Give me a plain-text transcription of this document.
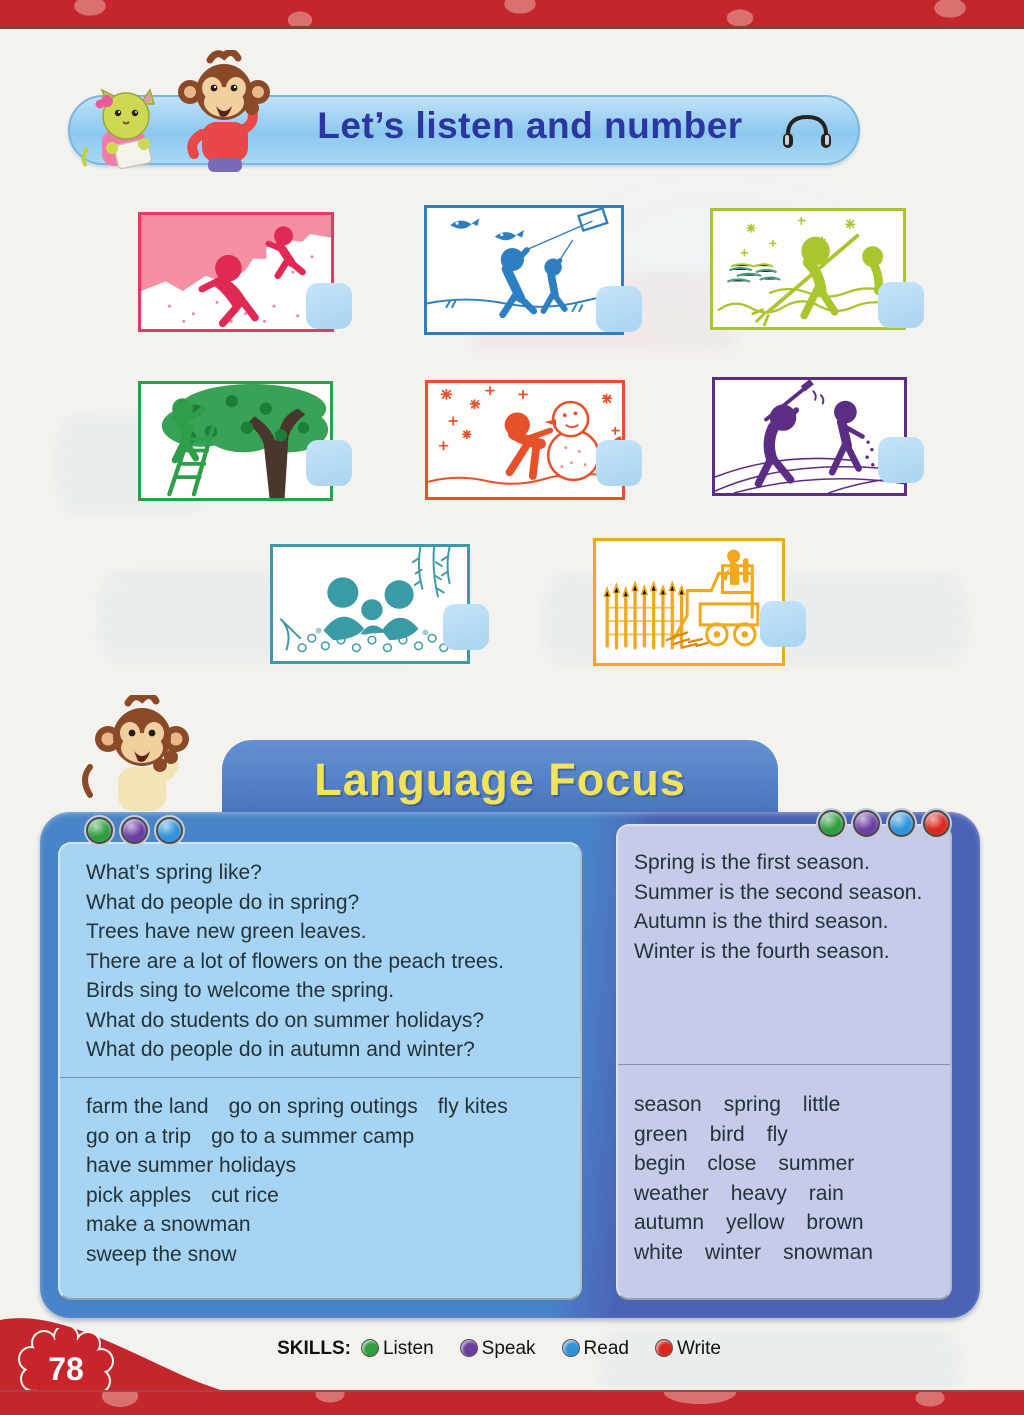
Let’s listen and number
Language Focus
What’s spring like?
What do people do in spring?
Trees have new green leaves.
There are a lot of flowers on the peach trees.
Birds sing to welcome the spring.
What do students do on summer holidays?
What do people do in autumn and winter?
farm the land go on spring outings fly kites
go on a trip go to a summer camp
have summer holidays
pick apples cut rice
make a snowman
sweep the snow
Spring is the first season.
Summer is the second season.
Autumn is the third season.
Winter is the fourth season.
season spring little
green bird fly
begin close summer
weather heavy rain
autumn yellow brown
white winter snowman
SKILLS: Listen	Speak	Read	Write
78
